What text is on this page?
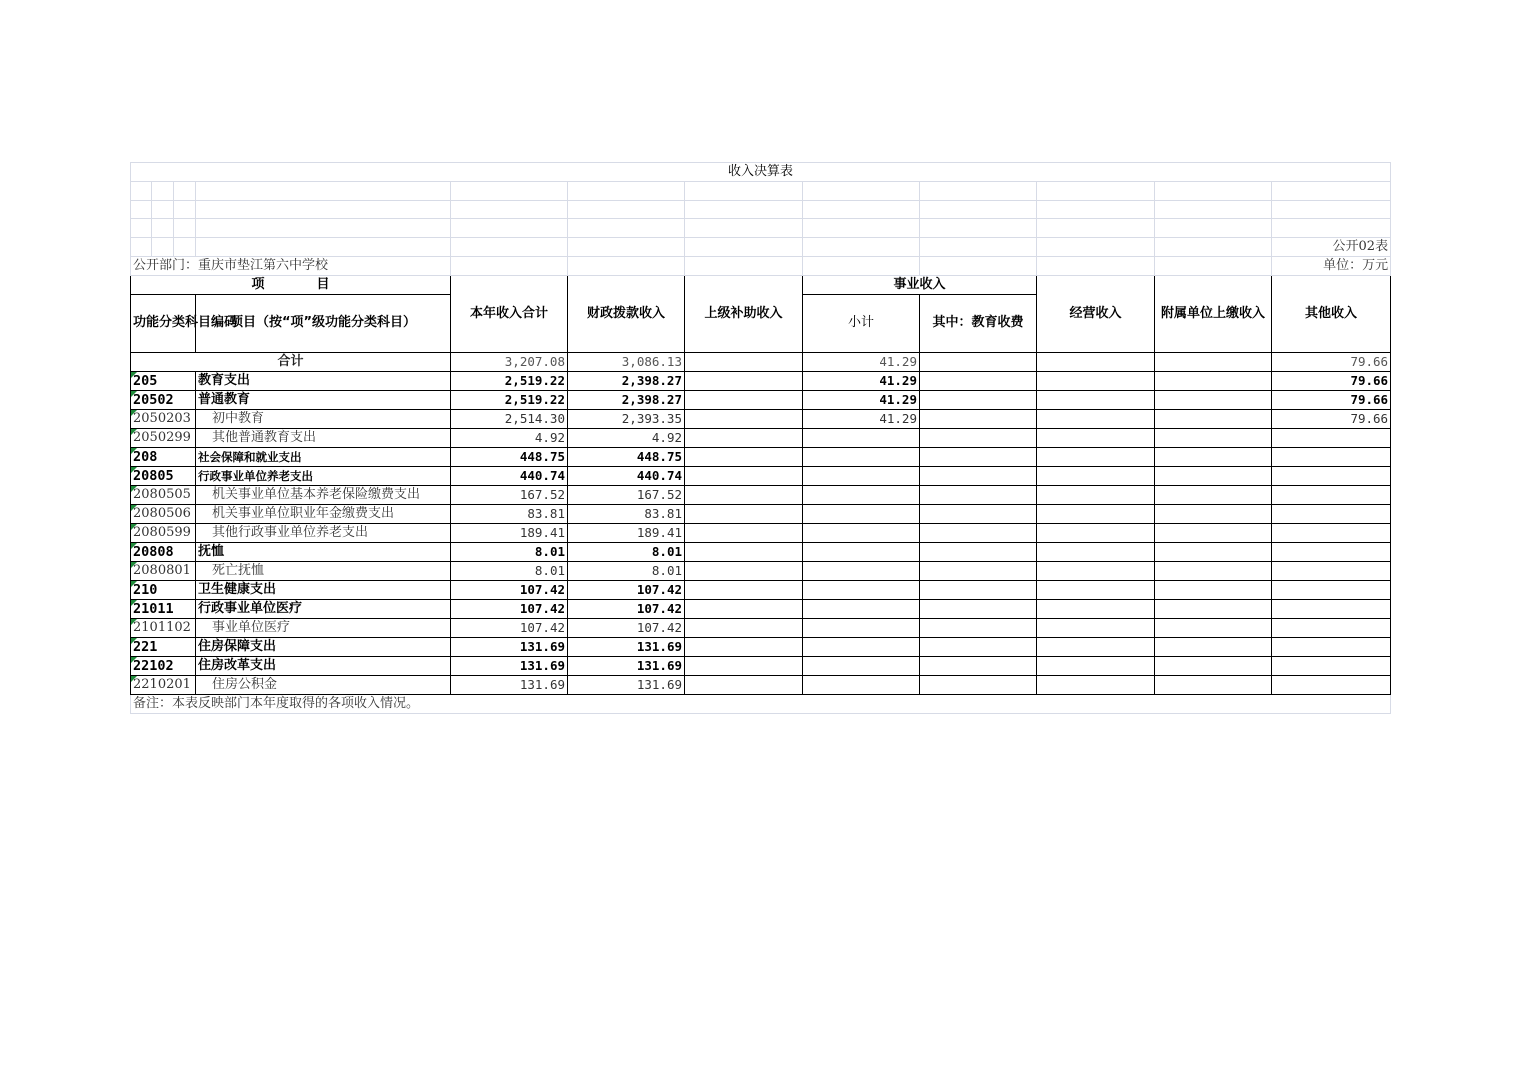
收入决算表											

											公开02表
公开部门：重庆市垫江第六中学校											单位：万元
项　　　　目				本年收入合计	财政拨款收入	上级补助收入	事业收入		经营收入	附属单位上缴收入	其他收入
功能分类科目编码			项目（按“项”级功能分类科目）				小计	其中：教育收费			

合计				3,207.08	3,086.13		41.29				79.66
205			教育支出	2,519.22	2,398.27		41.29				79.66
20502			普通教育	2,519.22	2,398.27		41.29				79.66
2050203			初中教育	2,514.30	2,393.35		41.29				79.66
2050299			其他普通教育支出	4.92	4.92						
208			社会保障和就业支出	448.75	448.75						
20805			行政事业单位养老支出	440.74	440.74						
2080505			机关事业单位基本养老保险缴费支出	167.52	167.52						
2080506			机关事业单位职业年金缴费支出	83.81	83.81						
2080599			其他行政事业单位养老支出	189.41	189.41						
20808			抚恤	8.01	8.01						
2080801			死亡抚恤	8.01	8.01						
210			卫生健康支出	107.42	107.42						
21011			行政事业单位医疗	107.42	107.42						
2101102			事业单位医疗	107.42	107.42						
221			住房保障支出	131.69	131.69						
22102			住房改革支出	131.69	131.69						
2210201			住房公积金	131.69	131.69						
备注：本表反映部门本年度取得的各项收入情况。											
